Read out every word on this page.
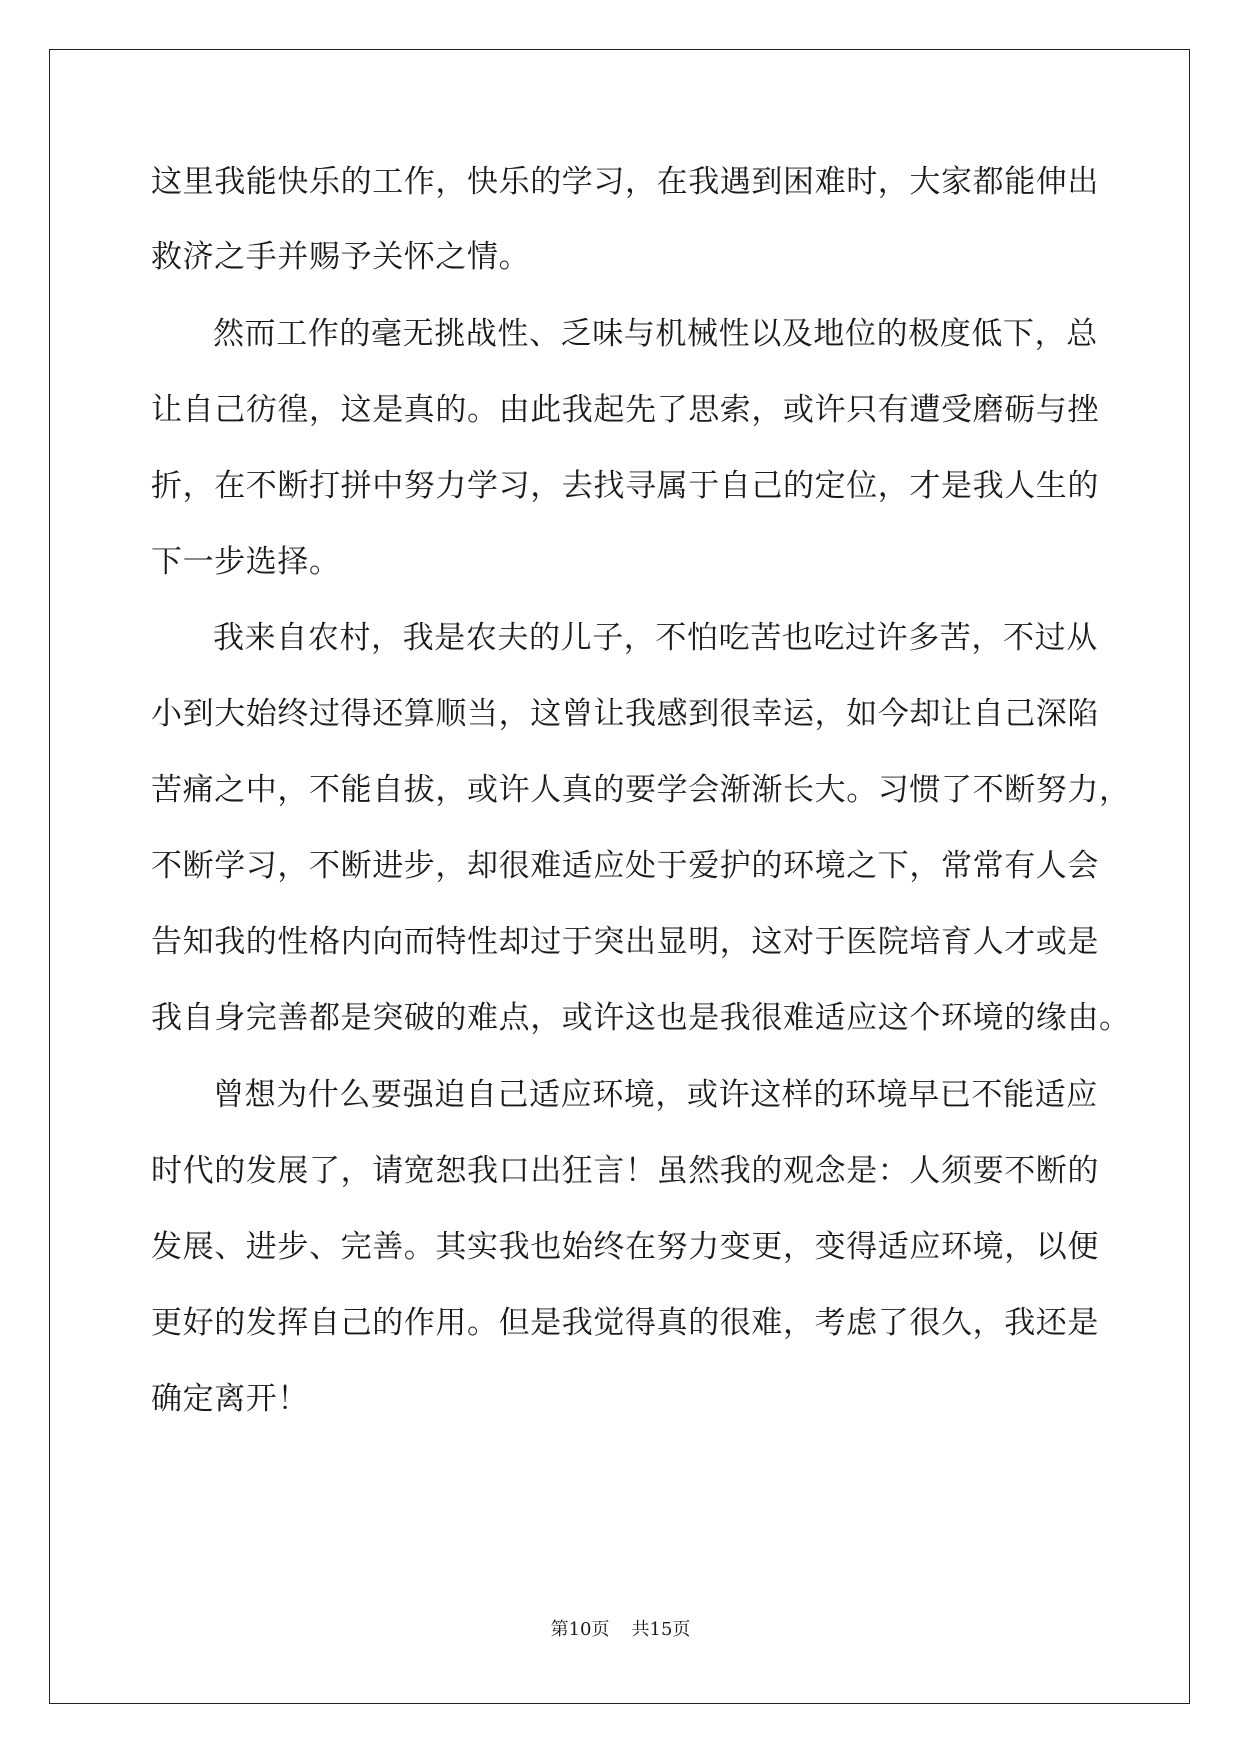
这里我能快乐的工作，快乐的学习，在我遇到困难时，大家都能伸出
救济之手并赐予关怀之情。
然而工作的毫无挑战性、乏味与机械性以及地位的极度低下，总
让自己彷徨，这是真的。由此我起先了思索，或许只有遭受磨砺与挫
折，在不断打拼中努力学习，去找寻属于自己的定位，才是我人生的
下一步选择。
我来自农村，我是农夫的儿子，不怕吃苦也吃过许多苦，不过从
小到大始终过得还算顺当，这曾让我感到很幸运，如今却让自己深陷
苦痛之中，不能自拔，或许人真的要学会渐渐长大。习惯了不断努力，
不断学习，不断进步，却很难适应处于爱护的环境之下，常常有人会
告知我的性格内向而特性却过于突出显明，这对于医院培育人才或是
我自身完善都是突破的难点，或许这也是我很难适应这个环境的缘由。
曾想为什么要强迫自己适应环境，或许这样的环境早已不能适应
时代的发展了，请宽恕我口出狂言！虽然我的观念是：人须要不断的
发展、进步、完善。其实我也始终在努力变更，变得适应环境，以便
更好的发挥自己的作用。但是我觉得真的很难，考虑了很久，我还是
确定离开！
第10页 共15页
